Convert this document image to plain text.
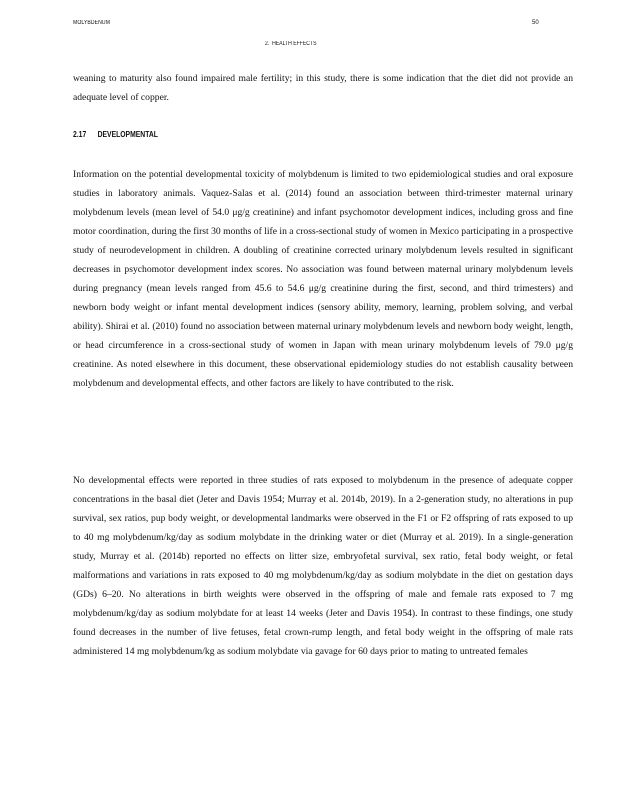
MOLYBDENUM	50
2.  HEALTH EFFECTS

weaning to maturity also found impaired male fertility; in this study, there is some indication that the diet did not provide an adequate level of copper.

2.17 DEVELOPMENTAL

Information on the potential developmental toxicity of molybdenum is limited to two epidemiological studies and oral exposure studies in laboratory animals. Vaquez-Salas et al. (2014) found an association between third-trimester maternal urinary molybdenum levels (mean level of 54.0 μg/g creatinine) and infant psychomotor development indices, including gross and fine motor coordination, during the first 30 months of life in a cross-sectional study of women in Mexico participating in a prospective study of neurodevelopment in children. A doubling of creatinine corrected urinary molybdenum levels resulted in significant decreases in psychomotor development index scores. No association was found between maternal urinary molybdenum levels during pregnancy (mean levels ranged from 45.6 to 54.6 μg/g creatinine during the first, second, and third trimesters) and newborn body weight or infant mental development indices (sensory ability, memory, learning, problem solving, and verbal ability). Shirai et al. (2010) found no association between maternal urinary molybdenum levels and newborn body weight, length, or head circumference in a cross-sectional study of women in Japan with mean urinary molybdenum levels of 79.0 μg/g creatinine. As noted elsewhere in this document, these observational epidemiology studies do not establish causality between molybdenum and developmental effects, and other factors are likely to have contributed to the risk.

No developmental effects were reported in three studies of rats exposed to molybdenum in the presence of adequate copper concentrations in the basal diet (Jeter and Davis 1954; Murray et al. 2014b, 2019). In a 2-generation study, no alterations in pup survival, sex ratios, pup body weight, or developmental landmarks were observed in the F1 or F2 offspring of rats exposed to up to 40 mg molybdenum/kg/day as sodium molybdate in the drinking water or diet (Murray et al. 2019). In a single-generation study, Murray et al. (2014b) reported no effects on litter size, embryofetal survival, sex ratio, fetal body weight, or fetal malformations and variations in rats exposed to 40 mg molybdenum/kg/day as sodium molybdate in the diet on gestation days (GDs) 6–20. No alterations in birth weights were observed in the offspring of male and female rats exposed to 7 mg molybdenum/kg/day as sodium molybdate for at least 14 weeks (Jeter and Davis 1954). In contrast to these findings, one study found decreases in the number of live fetuses, fetal crown-rump length, and fetal body weight in the offspring of male rats administered 14 mg molybdenum/kg as sodium molybdate via gavage for 60 days prior to mating to untreated females
